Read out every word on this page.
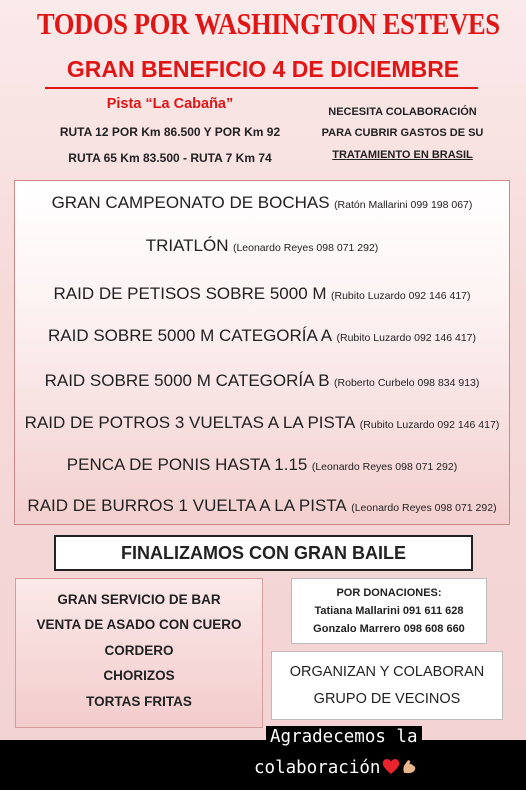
TODOS POR WASHINGTON ESTEVES
GRAN BENEFICIO 4 DE DICIEMBRE
Pista “La Cabaña”
RUTA 12 POR Km 86.500 Y POR Km 92
RUTA 65 Km 83.500 - RUTA 7 Km 74
NECESITA COLABORACIÓN
PARA CUBRIR GASTOS DE SU
TRATAMIENTO EN BRASIL
GRAN CAMPEONATO DE BOCHAS (Ratón Mallarini 099 198 067)
TRIATLÓN (Leonardo Reyes 098 071 292)
RAID DE PETISOS SOBRE 5000 M (Rubito Luzardo 092 146 417)
RAID SOBRE 5000 M CATEGORÍA A (Rubito Luzardo 092 146 417)
RAID SOBRE 5000 M CATEGORÍA B (Roberto Curbelo 098 834 913)
RAID DE POTROS 3 VUELTAS A LA PISTA (Rubito Luzardo 092 146 417)
PENCA DE PONIS HASTA 1.15 (Leonardo Reyes 098 071 292)
RAID DE BURROS 1 VUELTA A LA PISTA (Leonardo Reyes 098 071 292)
FINALIZAMOS CON GRAN BAILE
GRAN SERVICIO DE BAR
VENTA DE ASADO CON CUERO
CORDERO
CHORIZOS
TORTAS FRITAS
POR DONACIONES:
Tatiana Mallarini 091 611 628
Gonzalo Marrero 098 608 660
ORGANIZAN Y COLABORAN
GRUPO DE VECINOS
Agradecemos la
colaboración
